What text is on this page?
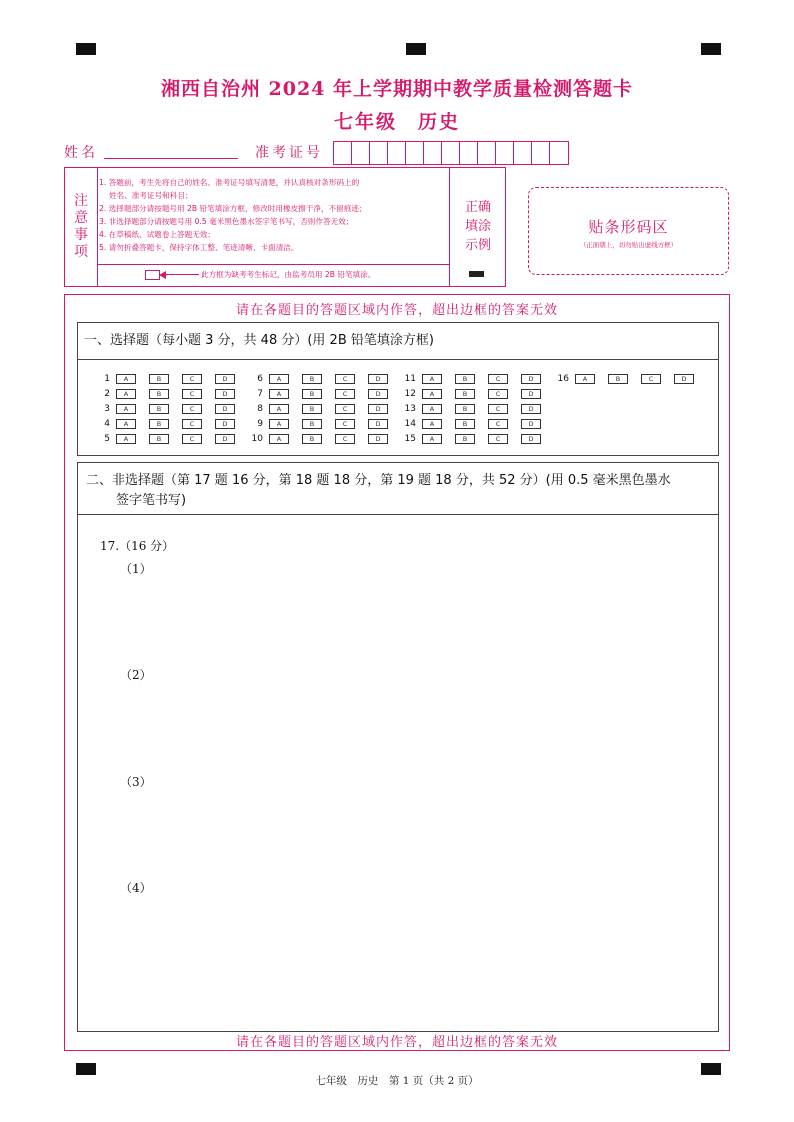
湘西自治州 2024 年上学期期中教学质量检测答题卡
七年级　历史
姓名	准考证号
注
意
事
项
1. 答题前，考生先将自己的姓名、准考证号填写清楚，并认真核对条形码上的
　 姓名、准考证号和科目；
2. 选择题部分请按题号用 2B 铅笔填涂方框，修改时用橡皮擦干净，不留痕迹；
3. 非选择题部分请按题号用 0.5 毫米黑色墨水签字笔书写，否则作答无效；
4. 在草稿纸、试题卷上答题无效；
5. 请勿折叠答题卡，保持字体工整、笔迹清晰、卡面清洁。
此方框为缺考考生标记，由监考员用 2B 铅笔填涂。
正确
填涂
示例
贴条形码区
（正面朝上，切勿贴出虚线方框）
请在各题目的答题区域内作答，超出边框的答案无效
一、选择题（每小题 3 分，共 48 分）(用 2B 铅笔填涂方框)
1	A	B	C	D
2	A	B	C	D
3	A	B	C	D
4	A	B	C	D
5	A	B	C	D
6	A	B	C	D
7	A	B	C	D
8	A	B	C	D
9	A	B	C	D
10	A	B	C	D
11	A	B	C	D
12	A	B	C	D
13	A	B	C	D
14	A	B	C	D
15	A	B	C	D
16	A	B	C	D
二、非选择题（第 17 题 16 分，第 18 题 18 分，第 19 题 18 分，共 52 分）(用 0.5 毫米黑色墨水
签字笔书写)
17.（16 分）
（1）
（2）
（3）
（4）
请在各题目的答题区域内作答，超出边框的答案无效
七年级　历史　第 1 页（共 2 页）
